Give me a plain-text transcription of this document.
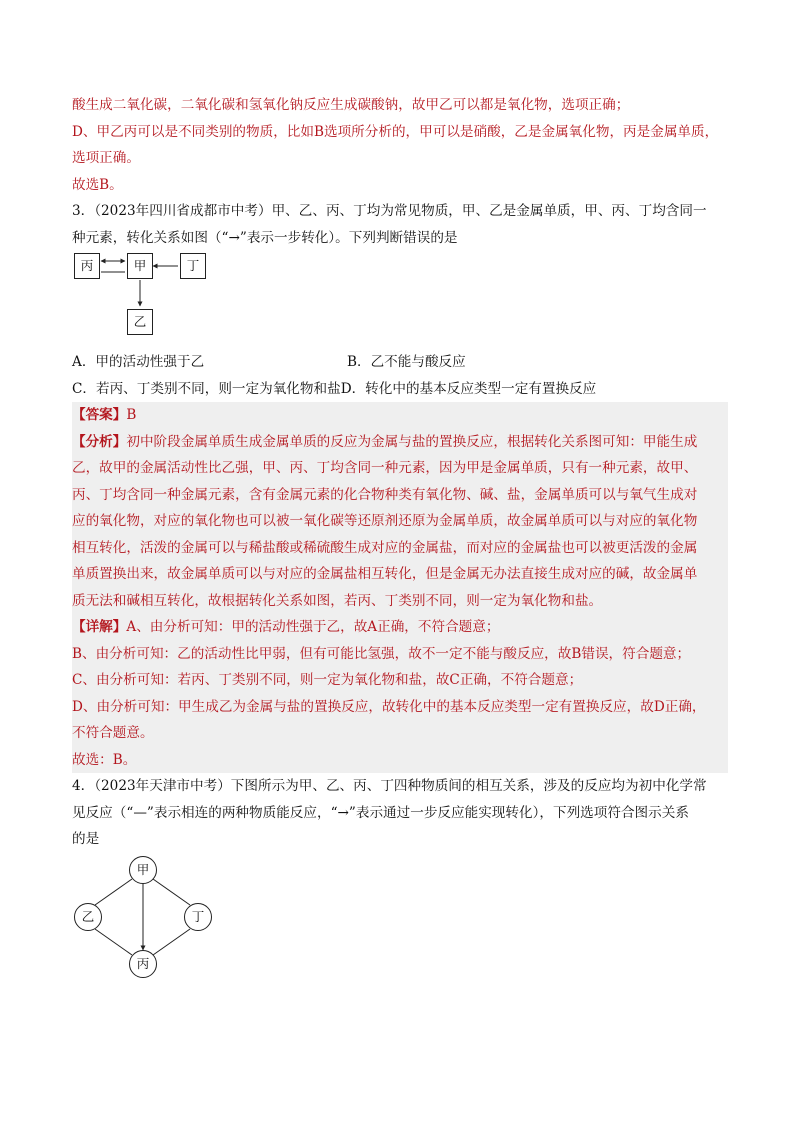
酸生成二氧化碳，二氧化碳和氢氧化钠反应生成碳酸钠，故甲乙可以都是氧化物，选项正确；
D、甲乙丙可以是不同类别的物质，比如B选项所分析的，甲可以是硝酸，乙是金属氧化物，丙是金属单质，
选项正确。
故选B。
3．（2023年四川省成都市中考）甲、乙、丙、丁均为常见物质，甲、乙是金属单质，甲、丙、丁均含同一
种元素，转化关系如图（“→”表示一步转化）。下列判断错误的是
丙	甲	丁
乙
A．甲的活动性强于乙	B．乙不能与酸反应
C．若丙、丁类别不同，则一定为氧化物和盐 D．转化中的基本反应类型一定有置换反应
【答案】B
【分析】初中阶段金属单质生成金属单质的反应为金属与盐的置换反应，根据转化关系图可知：甲能生成
乙，故甲的金属活动性比乙强，甲、丙、丁均含同一种元素，因为甲是金属单质，只有一种元素，故甲、
丙、丁均含同一种金属元素，含有金属元素的化合物种类有氧化物、碱、盐，金属单质可以与氧气生成对
应的氧化物，对应的氧化物也可以被一氧化碳等还原剂还原为金属单质，故金属单质可以与对应的氧化物
相互转化，活泼的金属可以与稀盐酸或稀硫酸生成对应的金属盐，而对应的金属盐也可以被更活泼的金属
单质置换出来，故金属单质可以与对应的金属盐相互转化，但是金属无办法直接生成对应的碱，故金属单
质无法和碱相互转化，故根据转化关系如图，若丙、丁类别不同，则一定为氧化物和盐。
【详解】A、由分析可知：甲的活动性强于乙，故A正确，不符合题意；
B、由分析可知：乙的活动性比甲弱，但有可能比氢强，故不一定不能与酸反应，故B错误，符合题意；
C、由分析可知：若丙、丁类别不同，则一定为氧化物和盐，故C正确，不符合题意；
D、由分析可知：甲生成乙为金属与盐的置换反应，故转化中的基本反应类型一定有置换反应，故D正确，
不符合题意。
故选：B。
4．（2023年天津市中考）下图所示为甲、乙、丙、丁四种物质间的相互关系，涉及的反应均为初中化学常
见反应（“—”表示相连的两种物质能反应，“→”表示通过一步反应能实现转化），下列选项符合图示关系
的是
甲
乙	丁
丙
